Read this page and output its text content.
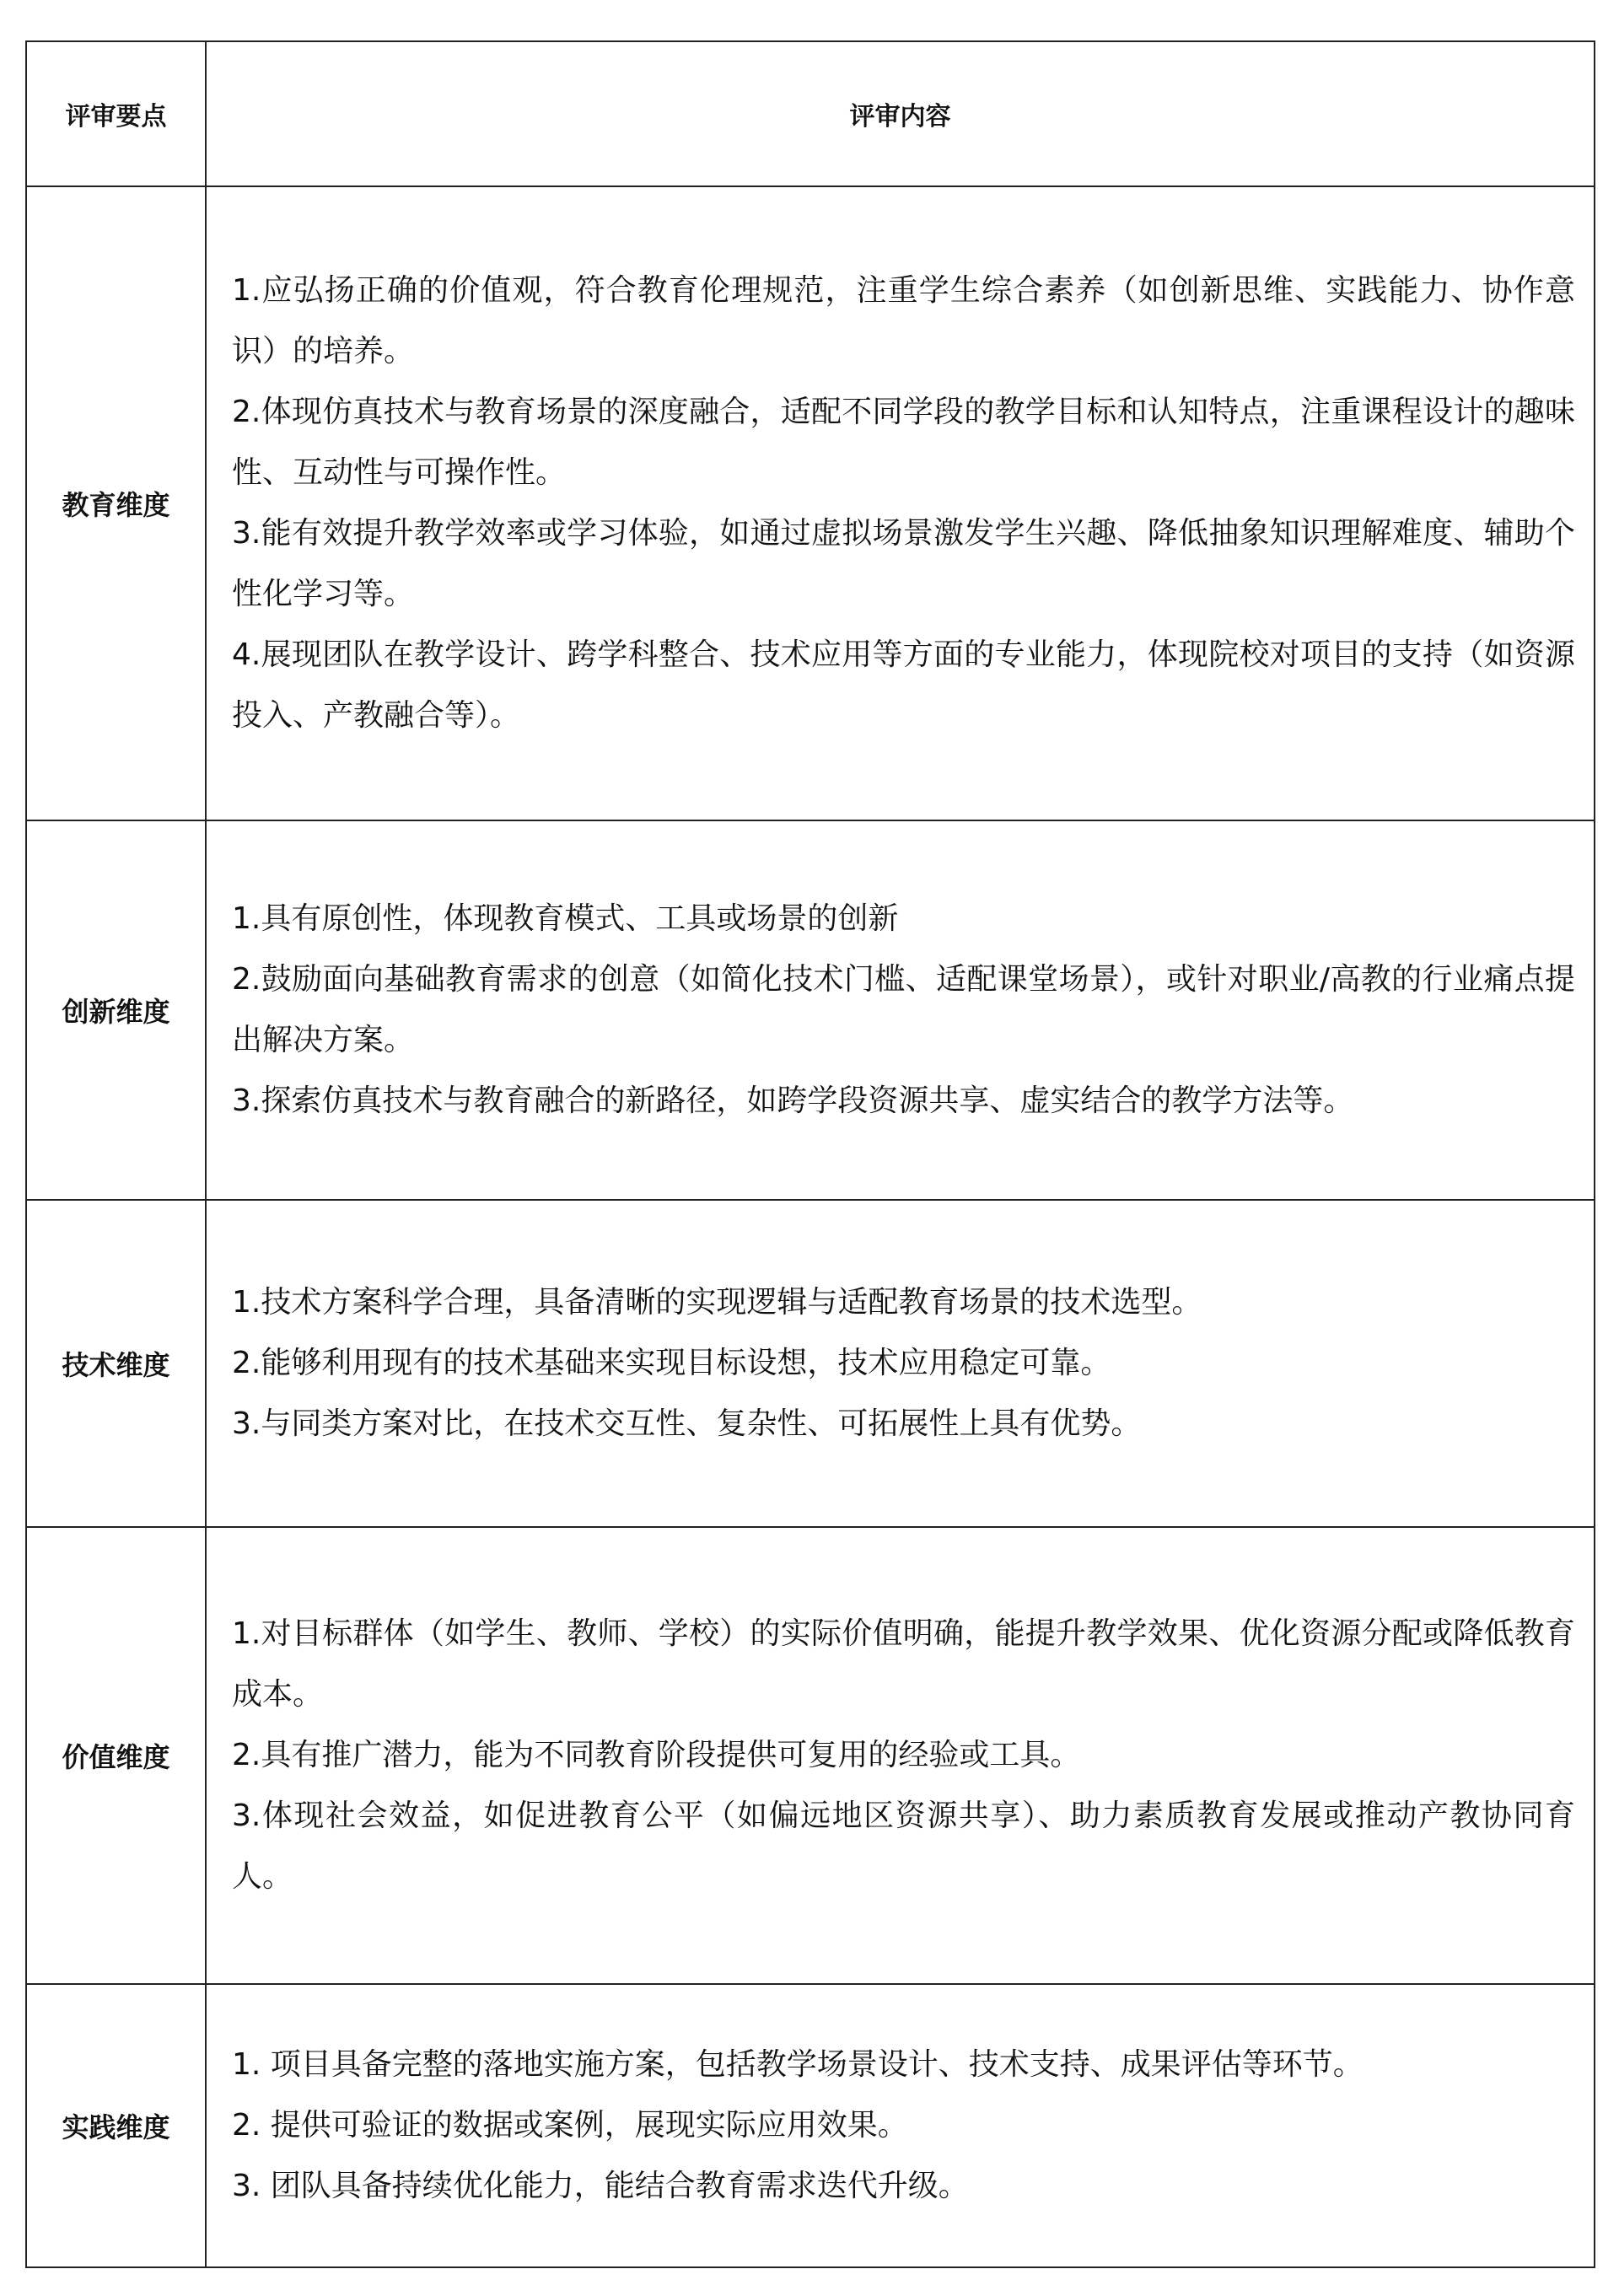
评审要点	评审内容
教育维度	1.应弘扬正确的价值观，符合教育伦理规范，注重学生综合素养（如创新思维、实践能力、协作意识）的培养。
2.体现仿真技术与教育场景的深度融合，适配不同学段的教学目标和认知特点，注重课程设计的趣味性、互动性与可操作性。
3.能有效提升教学效率或学习体验，如通过虚拟场景激发学生兴趣、降低抽象知识理解难度、辅助个性化学习等。
4.展现团队在教学设计、跨学科整合、技术应用等方面的专业能力，体现院校对项目的支持（如资源投入、产教融合等）。

创新维度	1.具有原创性，体现教育模式、工具或场景的创新
2.鼓励面向基础教育需求的创意（如简化技术门槛、适配课堂场景），或针对职业/高教的行业痛点提出解决方案。
3.探索仿真技术与教育融合的新路径，如跨学段资源共享、虚实结合的教学方法等。

技术维度	1.技术方案科学合理，具备清晰的实现逻辑与适配教育场景的技术选型。
2.能够利用现有的技术基础来实现目标设想，技术应用稳定可靠。
3.与同类方案对比，在技术交互性、复杂性、可拓展性上具有优势。

价值维度	1.对目标群体（如学生、教师、学校）的实际价值明确，能提升教学效果、优化资源分配或降低教育成本。
2.具有推广潜力，能为不同教育阶段提供可复用的经验或工具。
3.体现社会效益，如促进教育公平（如偏远地区资源共享）、助力素质教育发展或推动产教协同育人。

实践维度	1. 项目具备完整的落地实施方案，包括教学场景设计、技术支持、成果评估等环节。
2. 提供可验证的数据或案例，展现实际应用效果。
3. 团队具备持续优化能力，能结合教育需求迭代升级。
